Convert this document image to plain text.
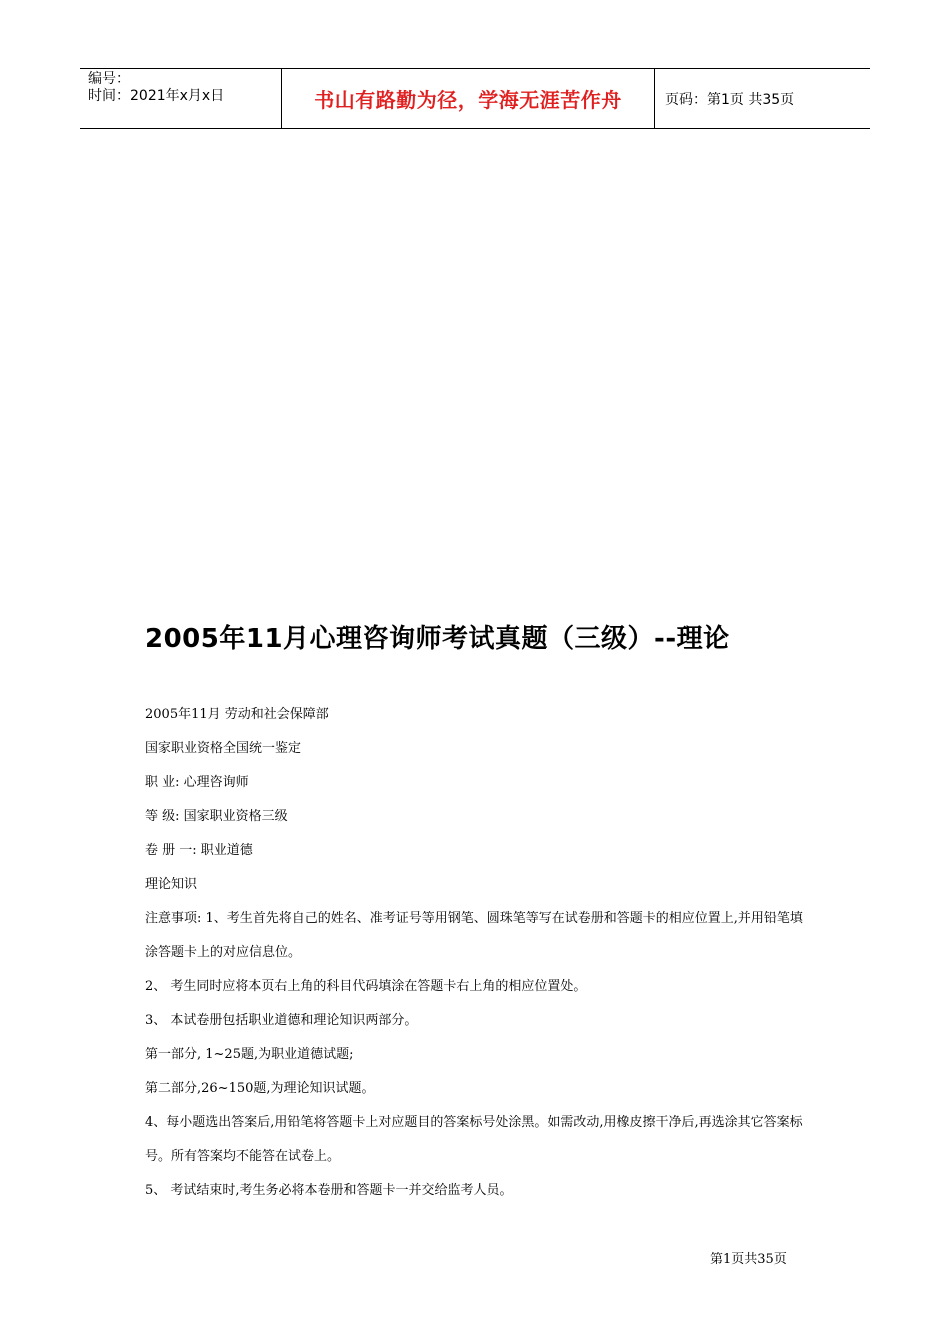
编号：
时间：2021年x月x日	书山有路勤为径，学海无涯苦作舟	页码：第1页 共35页
2005年11月心理咨询师考试真题（三级）--理论

2005年11月 劳动和社会保障部

国家职业资格全国统一鉴定

职 业: 心理咨询师

等 级: 国家职业资格三级

卷 册 一: 职业道德

理论知识

注意事项: 1、考生首先将自己的姓名、准考证号等用钢笔、圆珠笔等写在试卷册和答题卡的相应位置上,并用铅笔填涂答题卡上的对应信息位。

2、 考生同时应将本页右上角的科目代码填涂在答题卡右上角的相应位置处。

3、 本试卷册包括职业道德和理论知识两部分。

第一部分, 1~25题,为职业道德试题;

第二部分,26~150题,为理论知识试题。

4、每小题选出答案后,用铅笔将答题卡上对应题目的答案标号处涂黑。如需改动,用橡皮擦干净后,再选涂其它答案标号。所有答案均不能答在试卷上。

5、 考试结束时,考生务必将本卷册和答题卡一并交给监考人员。

第1页共35页
